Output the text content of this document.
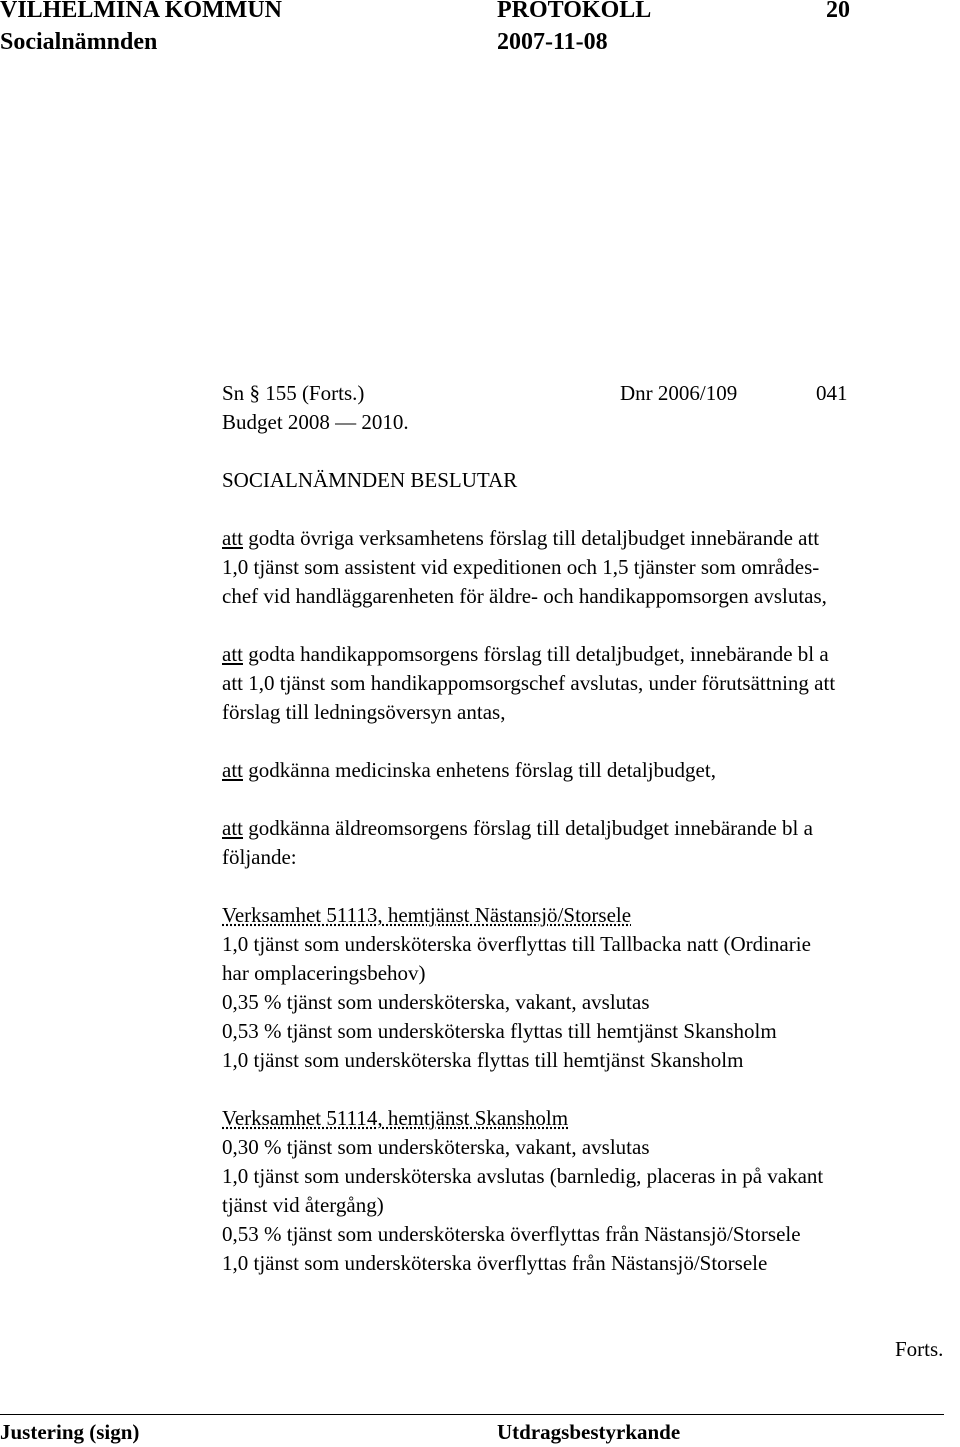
VILHELMINA KOMMUN	PROTOKOLL	20
Socialnämnden	2007-11-08
Sn § 155 (Forts.)	Dnr 2006/109	041
Budget 2008 — 2010.
SOCIALNÄMNDEN BESLUTAR
att godta övriga verksamhetens förslag till detaljbudget innebärande att
1,0 tjänst som assistent vid expeditionen och 1,5 tjänster som områdes-
chef vid handläggarenheten för äldre- och handikappomsorgen avslutas,
att godta handikappomsorgens förslag till detaljbudget, innebärande bl a
att 1,0 tjänst som handikappomsorgschef avslutas, under förutsättning att
förslag till ledningsöversyn antas,
att godkänna medicinska enhetens förslag till detaljbudget,
att godkänna äldreomsorgens förslag till detaljbudget innebärande bl a
följande:
Verksamhet 51113, hemtjänst Nästansjö/Storsele
1,0 tjänst som undersköterska överflyttas till Tallbacka natt (Ordinarie
har omplaceringsbehov)
0,35 % tjänst som undersköterska, vakant, avslutas
0,53 % tjänst som undersköterska flyttas till hemtjänst Skansholm
1,0 tjänst som undersköterska flyttas till hemtjänst Skansholm
Verksamhet 51114, hemtjänst Skansholm
0,30 % tjänst som undersköterska, vakant, avslutas
1,0 tjänst som undersköterska avslutas (barnledig, placeras in på vakant
tjänst vid återgång)
0,53 % tjänst som undersköterska överflyttas från Nästansjö/Storsele
1,0 tjänst som undersköterska överflyttas från Nästansjö/Storsele
Forts.
Justering (sign)	Utdragsbestyrkande
